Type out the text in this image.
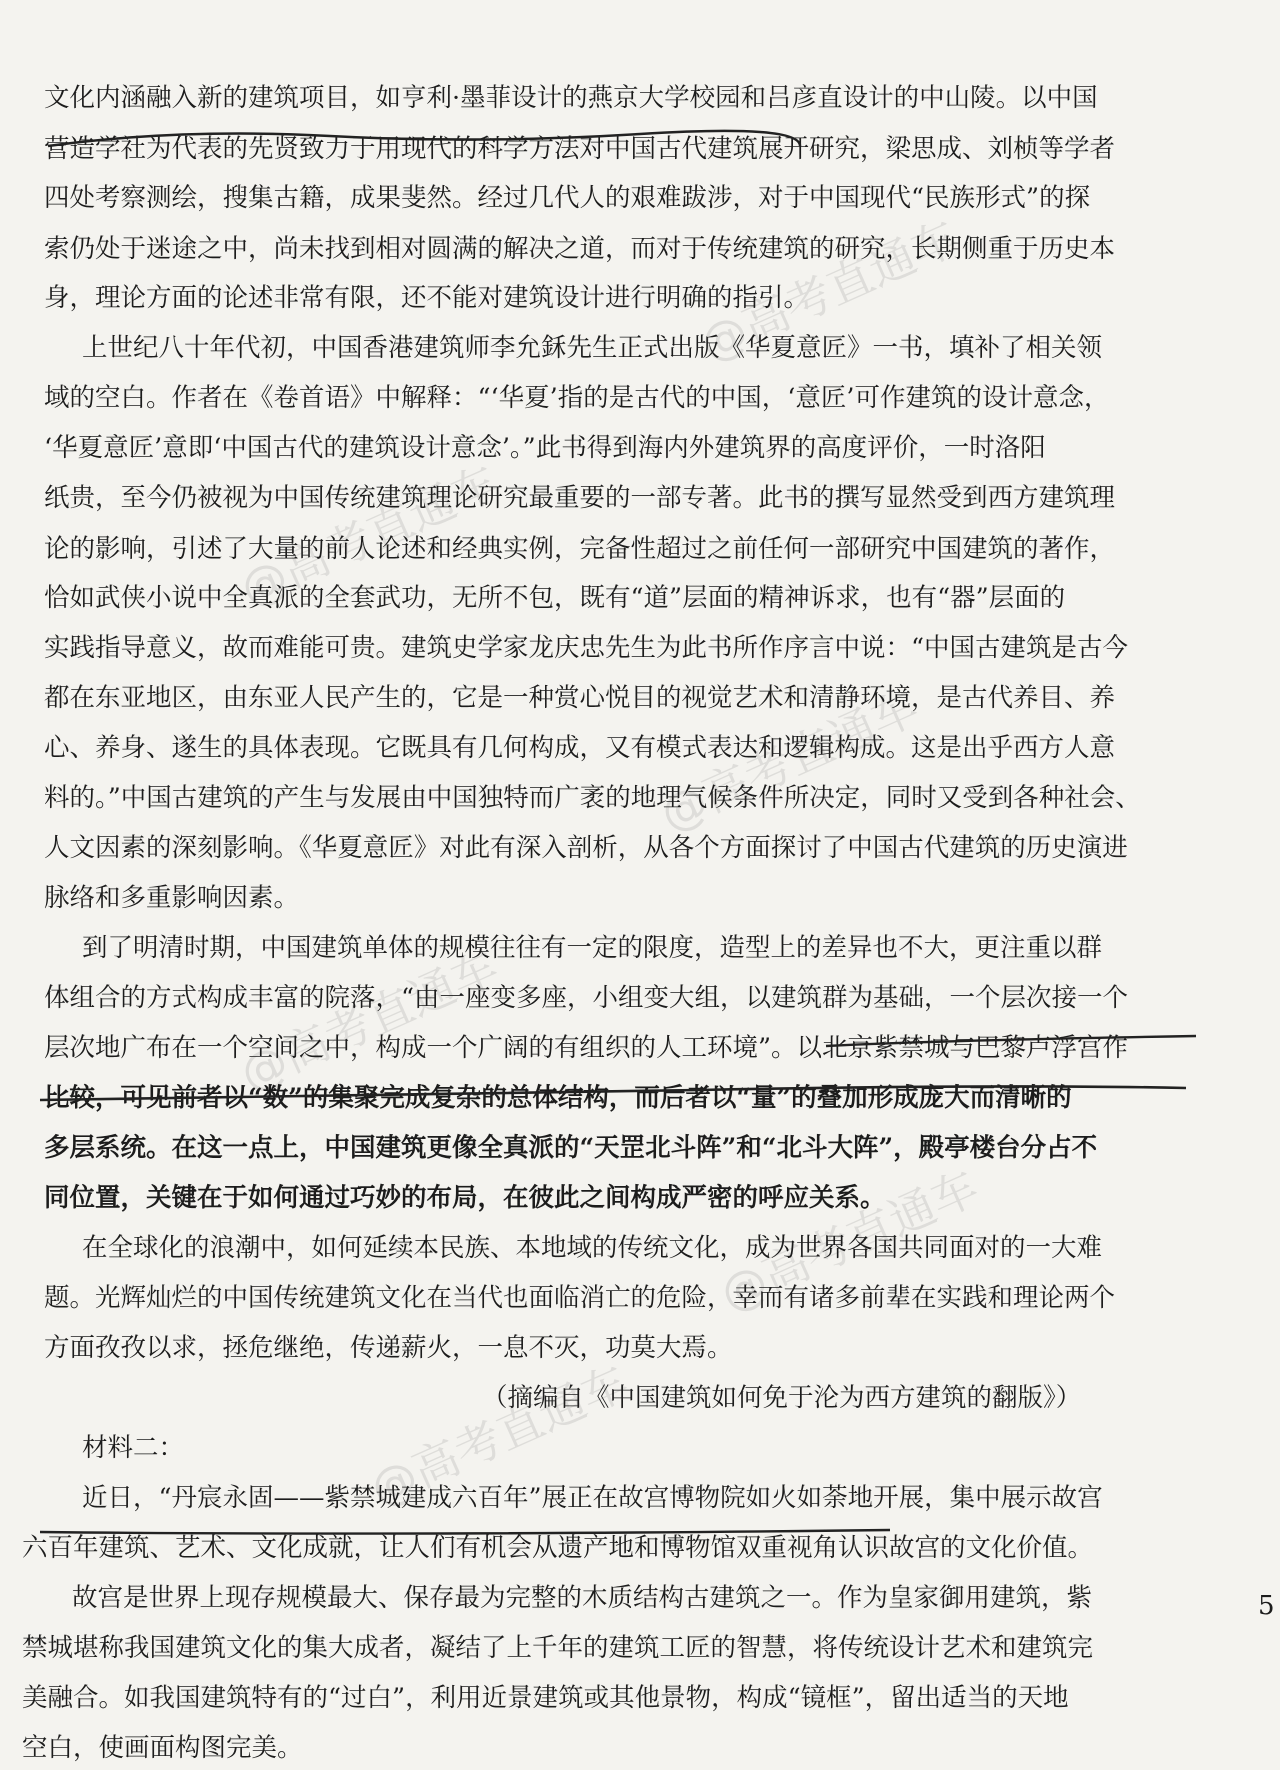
@高考直通车
@高考直通车
@高考直通车
@高考直通车
@高考直通车
@高考直通车
文化内涵融入新的建筑项目，如亨利·墨菲设计的燕京大学校园和吕彦直设计的中山陵。以中国
营造学社为代表的先贤致力于用现代的科学方法对中国古代建筑展开研究，梁思成、刘桢等学者
四处考察测绘，搜集古籍，成果斐然。经过几代人的艰难跋涉，对于中国现代“民族形式”的探
索仍处于迷途之中，尚未找到相对圆满的解决之道，而对于传统建筑的研究，长期侧重于历史本
身，理论方面的论述非常有限，还不能对建筑设计进行明确的指引。
上世纪八十年代初，中国香港建筑师李允鉌先生正式出版《华夏意匠》一书，填补了相关领
域的空白。作者在《卷首语》中解释：“‘华夏’指的是古代的中国，‘意匠’可作建筑的设计意念，
‘华夏意匠’意即‘中国古代的建筑设计意念’。”此书得到海内外建筑界的高度评价，一时洛阳
纸贵，至今仍被视为中国传统建筑理论研究最重要的一部专著。此书的撰写显然受到西方建筑理
论的影响，引述了大量的前人论述和经典实例，完备性超过之前任何一部研究中国建筑的著作，
恰如武侠小说中全真派的全套武功，无所不包，既有“道”层面的精神诉求，也有“器”层面的
实践指导意义，故而难能可贵。建筑史学家龙庆忠先生为此书所作序言中说：“中国古建筑是古今
都在东亚地区，由东亚人民产生的，它是一种赏心悦目的视觉艺术和清静环境，是古代养目、养
心、养身、遂生的具体表现。它既具有几何构成，又有模式表达和逻辑构成。这是出乎西方人意
料的。”中国古建筑的产生与发展由中国独特而广袤的地理气候条件所决定，同时又受到各种社会、
人文因素的深刻影响。《华夏意匠》对此有深入剖析，从各个方面探讨了中国古代建筑的历史演进
脉络和多重影响因素。
到了明清时期，中国建筑单体的规模往往有一定的限度，造型上的差异也不大，更注重以群
体组合的方式构成丰富的院落，“由一座变多座，小组变大组，以建筑群为基础，一个层次接一个
层次地广布在一个空间之中，构成一个广阔的有组织的人工环境”。以北京紫禁城与巴黎卢浮宫作
比较，可见前者以“数”的集聚完成复杂的总体结构，而后者以“量”的叠加形成庞大而清晰的
多层系统。在这一点上，中国建筑更像全真派的“天罡北斗阵”和“北斗大阵”，殿亭楼台分占不
同位置，关键在于如何通过巧妙的布局，在彼此之间构成严密的呼应关系。
在全球化的浪潮中，如何延续本民族、本地域的传统文化，成为世界各国共同面对的一大难
题。光辉灿烂的中国传统建筑文化在当代也面临消亡的危险，幸而有诸多前辈在实践和理论两个
方面孜孜以求，拯危继绝，传递薪火，一息不灭，功莫大焉。
（摘编自《中国建筑如何免于沦为西方建筑的翻版》）
材料二：
近日，“丹宸永固——紫禁城建成六百年”展正在故宫博物院如火如荼地开展，集中展示故宫
六百年建筑、艺术、文化成就，让人们有机会从遗产地和博物馆双重视角认识故宫的文化价值。
故宫是世界上现存规模最大、保存最为完整的木质结构古建筑之一。作为皇家御用建筑，紫
禁城堪称我国建筑文化的集大成者，凝结了上千年的建筑工匠的智慧，将传统设计艺术和建筑完
美融合。如我国建筑特有的“过白”，利用近景建筑或其他景物，构成“镜框”，留出适当的天地
空白，使画面构图完美。
5
